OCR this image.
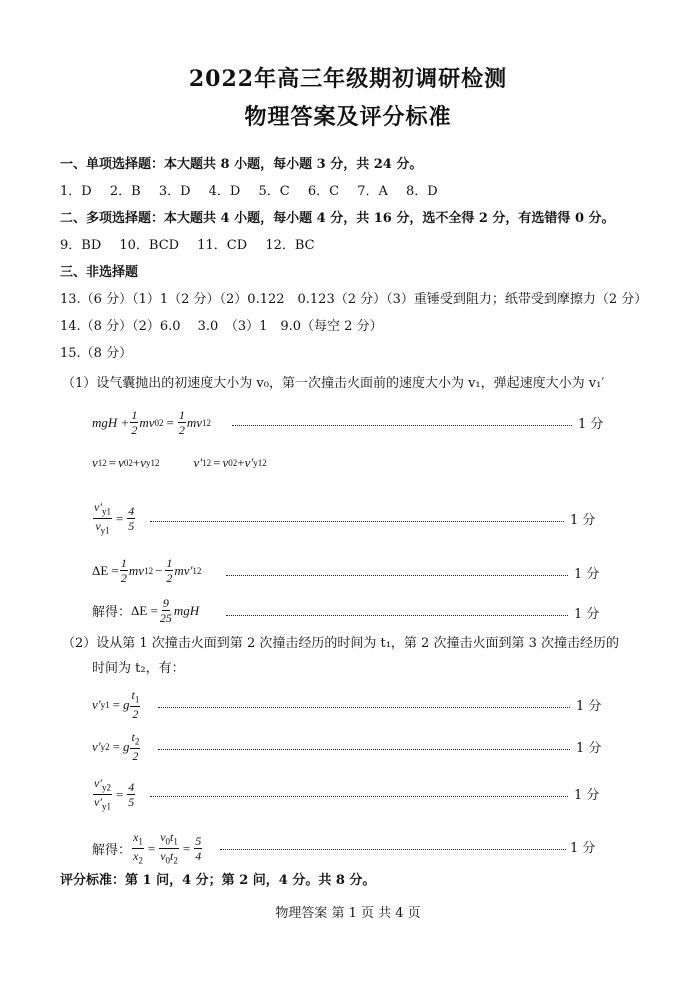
2022年高三年级期初调研检测
物理答案及评分标准
一、单项选择题：本大题共 8 小题，每小题 3 分，共 24 分。
1．D 2．B 3．D 4．D 5．C 6．C 7．A 8．D
二、多项选择题：本大题共 4 小题，每小题 4 分，共 16 分，选不全得 2 分，有选错得 0 分。
9．BD 10．BCD 11．CD 12．BC
三、非选择题
13.（6 分）（1）1（2 分）（2）0.122　0.123（2 分）（3）重锤受到阻力；纸带受到摩擦力（2 分）
14.（8 分）（2）6.0　 3.0　（3）1　9.0（每空 2 分）
15.（8 分）
（1）设气囊抛出的初速度大小为 v₀，第一次撞击火面前的速度大小为 v₁，弹起速度大小为 v₁′
mgH + $\frac{1}{2}$ mv 0 $2 = \frac{1}{2}$ mv 1 2	1 分
v 1 2 = v 0 2 + v y1 2	v′ 1 2 = v 0 2 + v′ y1 2
$\frac{v'_{y1}}{v_{y1}} = \frac{4}{5}$	1 分
$\Delta E = \frac{1}{2}$ mv 1 $2 - \frac{1}{2} mv'$ 1 2	1 分
解得： $\Delta E = \frac{9}{25}$ mgH	1 分
（2）设从第 1 次撞击火面到第 2 次撞击经历的时间为 t₁，第 2 次撞击火面到第 3 次撞击经历的
时间为 t₂，有：
v′ y1 = g $\frac{t_1}{2}$	1 分
v′ y2 = g $\frac{t_2}{2}$	1 分
$\frac{v'_{y2}}{v'_{y1}} = \frac{4}{5}$	1 分
解得： $\frac{x_1}{x_2} = \frac{v_0t_1}{v_0t_2} = \frac{5}{4}$	1 分
评分标准：第 1 问，4 分；第 2 问，4 分。共 8 分。
物理答案 第 1 页 共 4 页
